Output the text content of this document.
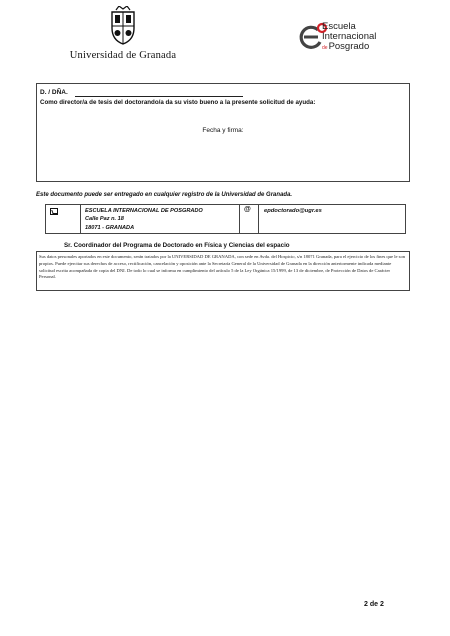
Universidad de Granada
Escuela
Internacional
dePosgrado
D. / DÑA.
Como director/a de tesis del doctorando/a da su visto bueno a la presente solicitud de ayuda:
Fecha y firma:
Este documento puede ser entregado en cualquier registro de la Universidad de Granada.
ESCUELA INTERNACIONAL DE POSGRADO
Calle Paz n. 18
18071 - GRANADA
@ epdoctorado@ugr.es
Sr. Coordinador del Programa de Doctorado en Física y Ciencias del espacio
Sus datos personales aportados en este documento, serán tratados por la UNIVERSIDAD DE GRANADA, con sede en Avda. del Hospicio, s/n 18071 Granada, para el ejercicio de los fines que le son propios. Puede ejercitar sus derechos de acceso, rectificación, cancelación y oposición ante la Secretaría General de la Universidad de Granada en la dirección anteriormente indicada mediante solicitud escrita acompañada de copia del DNI. De todo lo cual se informa en cumplimiento del artículo 5 de la Ley Orgánica 15/1999, de 13 de diciembre, de Protección de Datos de Carácter Personal.
2 de 2
